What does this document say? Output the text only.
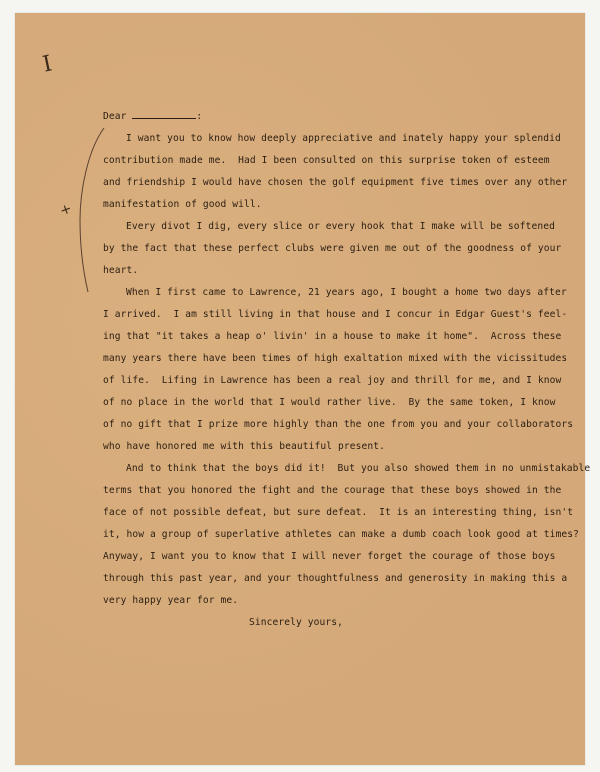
I
+

Dear	:

I want you to know how deeply appreciative and inately happy your splendid
contribution made me.  Had I been consulted on this surprise token of esteem
and friendship I would have chosen the golf equipment five times over any other
manifestation of good will.

Every divot I dig, every slice or every hook that I make will be softened
by the fact that these perfect clubs were given me out of the goodness of your
heart.

When I first came to Lawrence, 21 years ago, I bought a home two days after
I arrived.  I am still living in that house and I concur in Edgar Guest's feel-
ing that "it takes a heap o' livin' in a house to make it home".  Across these
many years there have been times of high exaltation mixed with the vicissitudes
of life.  Lifing in Lawrence has been a real joy and thrill for me, and I know
of no place in the world that I would rather live.  By the same token, I know
of no gift that I prize more highly than the one from you and your collaborators
who have honored me with this beautiful present.

And to think that the boys did it!  But you also showed them in no unmistakable
terms that you honored the fight and the courage that these boys showed in the
face of not possible defeat, but sure defeat.  It is an interesting thing, isn't
it, how a group of superlative athletes can make a dumb coach look good at times?
Anyway, I want you to know that I will never forget the courage of those boys
through this past year, and your thoughtfulness and generosity in making this a
very happy year for me.

Sincerely yours,
